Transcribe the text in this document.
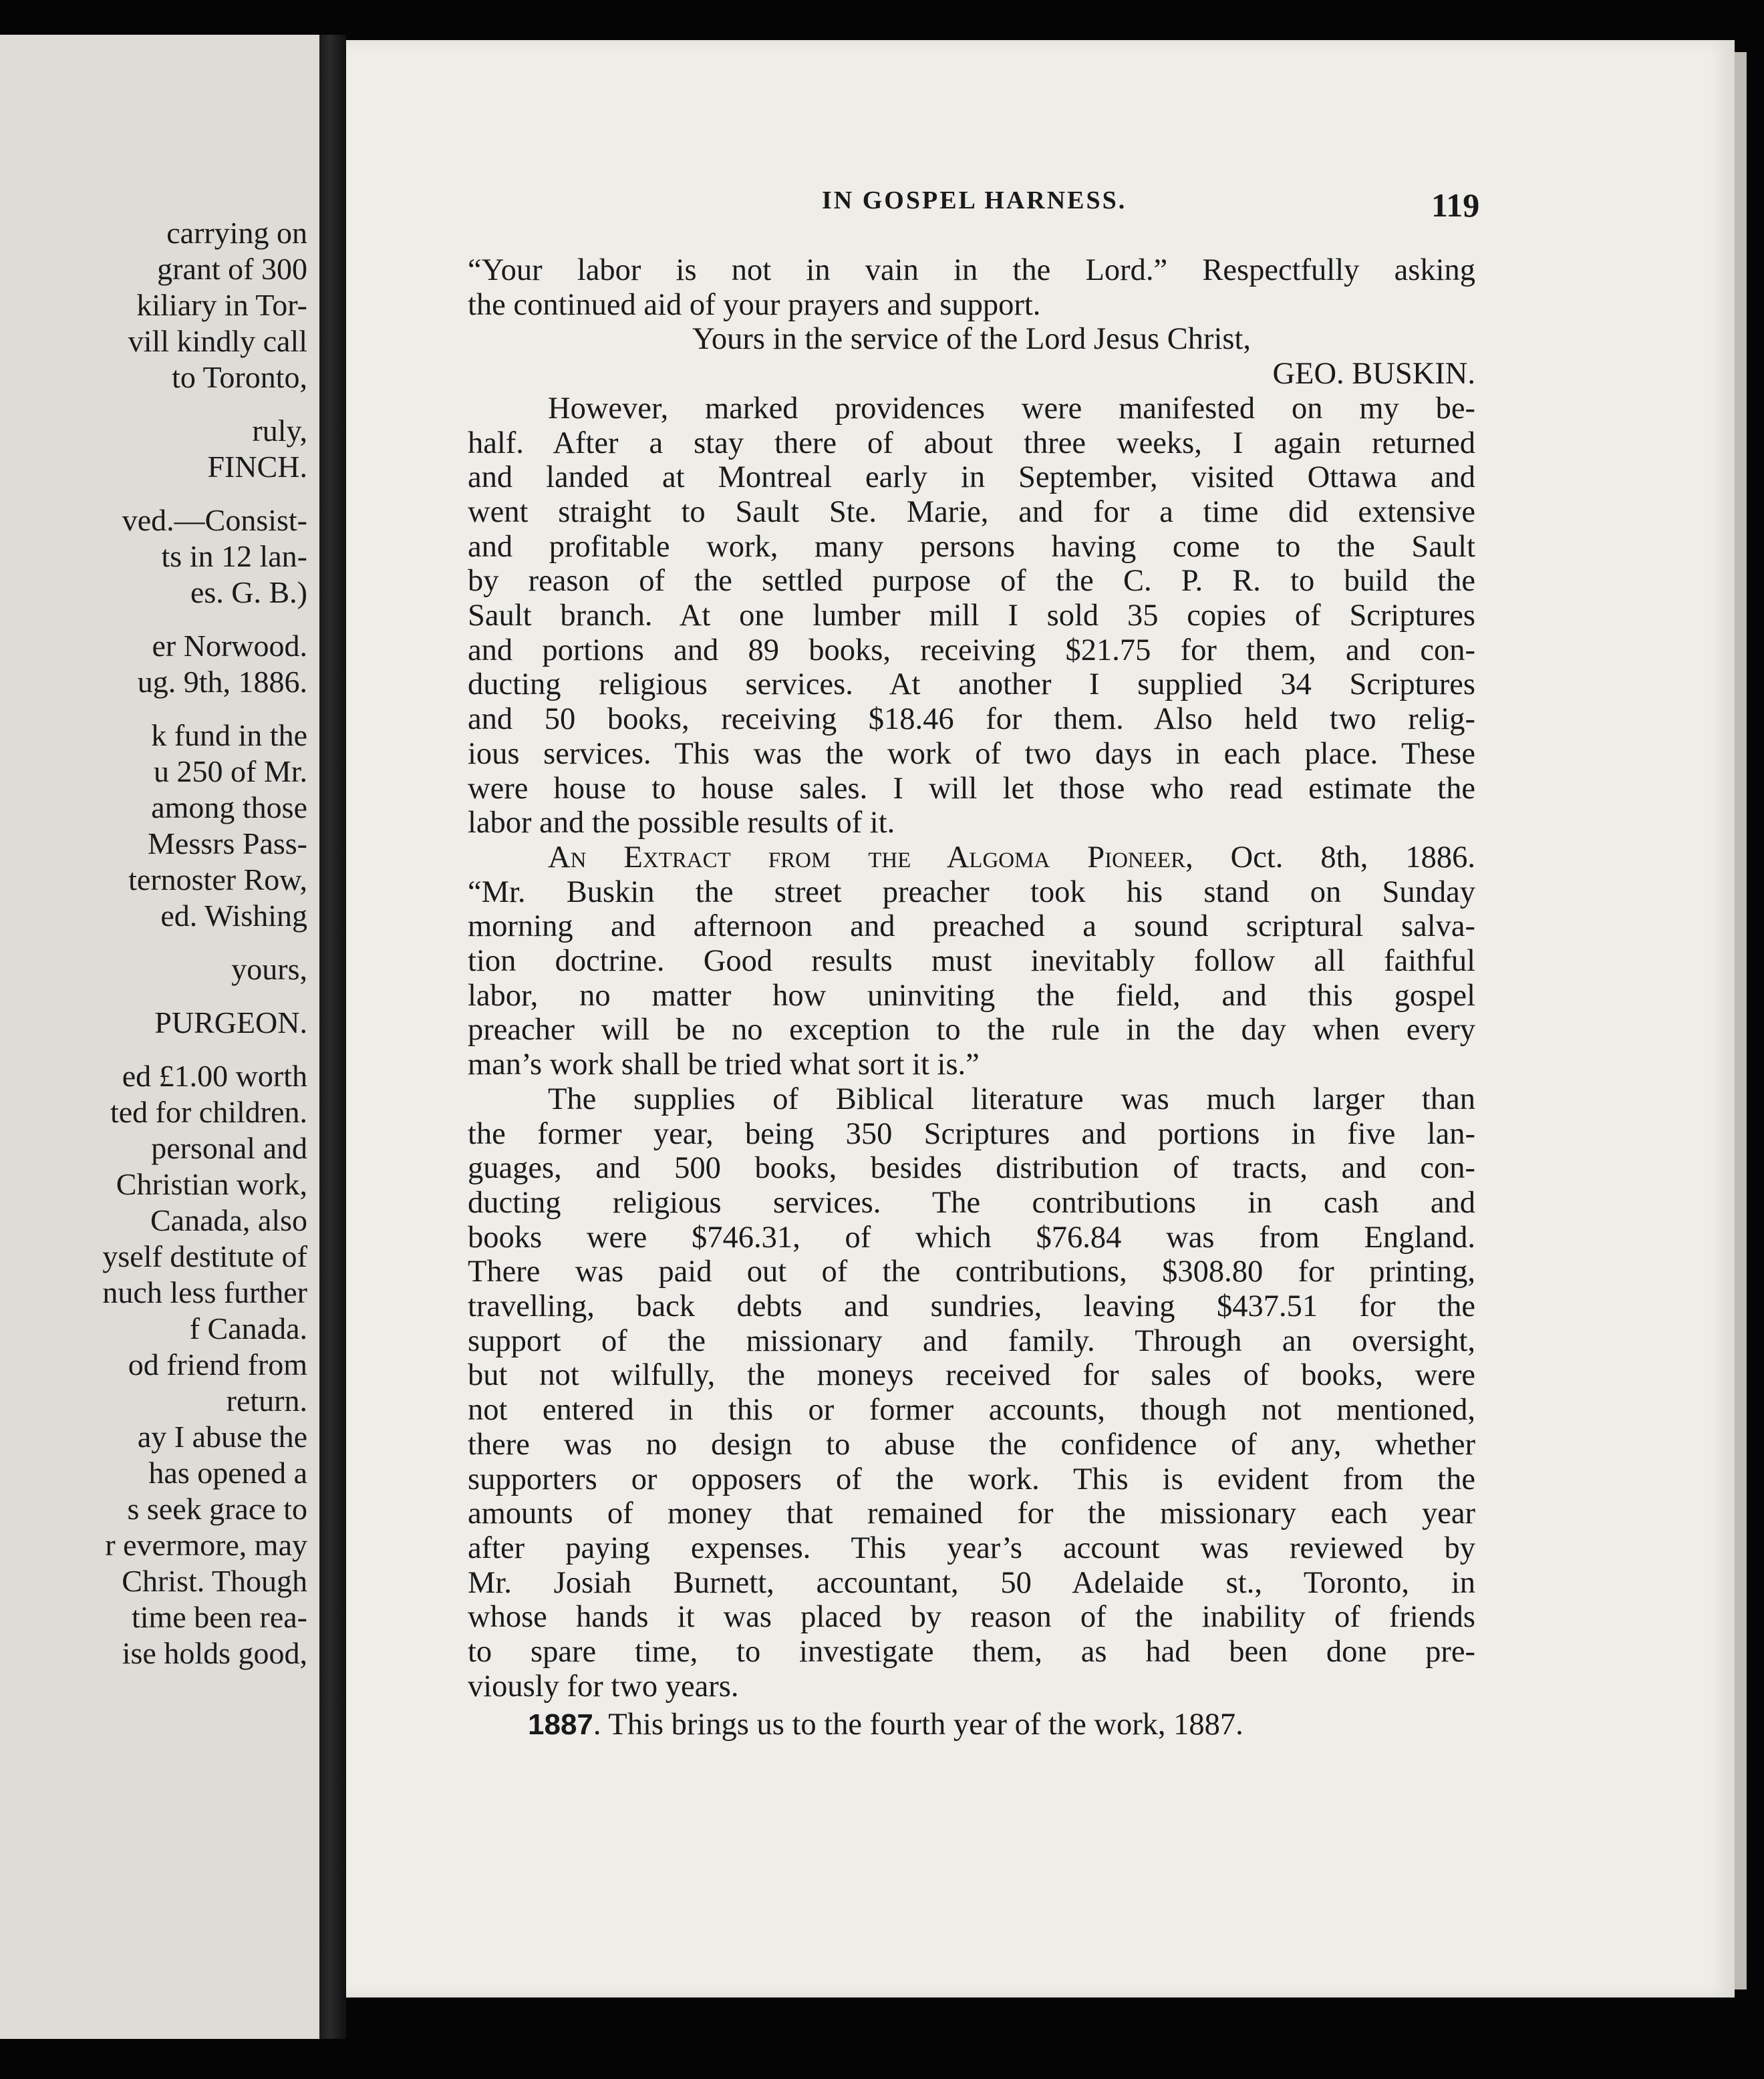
carrying on
grant of 300
kiliary in Tor-
vill kindly call
to Toronto,
ruly,
FINCH.
ved.—Consist-
ts in 12 lan-
es. G. B.)
er Norwood.
ug. 9th, 1886.
k fund in the
u 250 of Mr.
among those
Messrs Pass-
ternoster Row,
ed. Wishing
yours,
PURGEON.
ed £1.00 worth
ted for children.
personal and
Christian work,
Canada, also
yself destitute of
nuch less further
f Canada.
od friend from
return.
ay I abuse the
has opened a
s seek grace to
r evermore, may
Christ. Though
time been rea-
ise holds good,
IN GOSPEL HARNESS.	119
“Your labor is not in vain in the Lord.” Respectfully asking
the continued aid of your prayers and support.
Yours in the service of the Lord Jesus Christ,
GEO. BUSKIN.
However, marked providences were manifested on my be-
half. After a stay there of about three weeks, I again returned
and landed at Montreal early in September, visited Ottawa and
went straight to Sault Ste. Marie, and for a time did extensive
and profitable work, many persons having come to the Sault
by reason of the settled purpose of the C. P. R. to build the
Sault branch. At one lumber mill I sold 35 copies of Scriptures
and portions and 89 books, receiving $21.75 for them, and con-
ducting religious services. At another I supplied 34 Scriptures
and 50 books, receiving $18.46 for them. Also held two relig-
ious services. This was the work of two days in each place. These
were house to house sales. I will let those who read estimate the
labor and the possible results of it.
An Extract from the Algoma Pioneer, Oct. 8th, 1886.
“Mr. Buskin the street preacher took his stand on Sunday
morning and afternoon and preached a sound scriptural salva-
tion doctrine. Good results must inevitably follow all faithful
labor, no matter how uninviting the field, and this gospel
preacher will be no exception to the rule in the day when every
man’s work shall be tried what sort it is.”
The supplies of Biblical literature was much larger than
the former year, being 350 Scriptures and portions in five lan-
guages, and 500 books, besides distribution of tracts, and con-
ducting religious services. The contributions in cash and
books were $746.31, of which $76.84 was from England.
There was paid out of the contributions, $308.80 for printing,
travelling, back debts and sundries, leaving $437.51 for the
support of the missionary and family. Through an oversight,
but not wilfully, the moneys received for sales of books, were
not entered in this or former accounts, though not mentioned,
there was no design to abuse the confidence of any, whether
supporters or opposers of the work. This is evident from the
amounts of money that remained for the missionary each year
after paying expenses. This year’s account was reviewed by
Mr. Josiah Burnett, accountant, 50 Adelaide st., Toronto, in
whose hands it was placed by reason of the inability of friends
to spare time, to investigate them, as had been done pre-
viously for two years.
1887. This brings us to the fourth year of the work, 1887.
